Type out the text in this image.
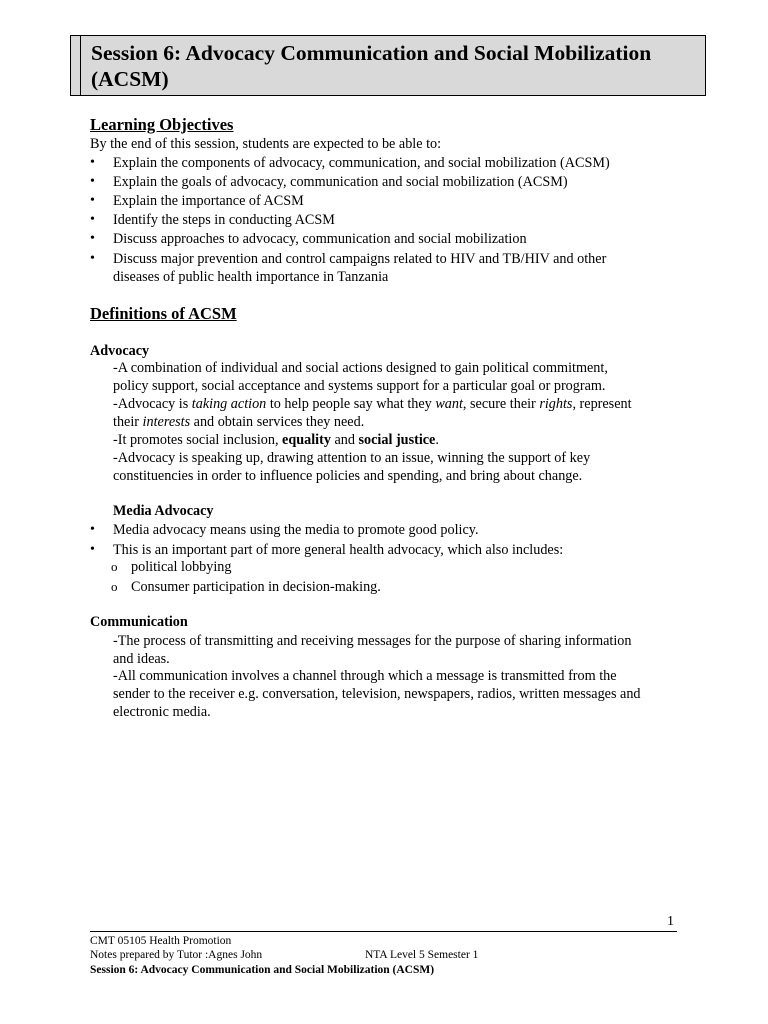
Session 6: Advocacy Communication and Social Mobilization
(ACSM)
Learning Objectives
By the end of this session, students are expected to be able to:
•	Explain the components of advocacy, communication, and social mobilization (ACSM)
•	Explain the goals of advocacy, communication and social mobilization (ACSM)
•	Explain the importance of ACSM
•	Identify the steps in conducting ACSM
•	Discuss approaches to advocacy, communication and social mobilization
•	Discuss major prevention and control campaigns related to HIV and TB/HIV and other
diseases of public health importance in Tanzania
Definitions of ACSM
Advocacy
-A combination of individual and social actions designed to gain political commitment,
policy support, social acceptance and systems support for a particular goal or program.
-Advocacy is taking action to help people say what they want, secure their rights, represent
their interests and obtain services they need.
-It promotes social inclusion, equality and social justice.
-Advocacy is speaking up, drawing attention to an issue, winning the support of key
constituencies in order to influence policies and spending, and bring about change.
Media Advocacy
•	Media advocacy means using the media to promote good policy.
•	This is an important part of more general health advocacy, which also includes:
o political lobbying
o Consumer participation in decision-making.
Communication
-The process of transmitting and receiving messages for the purpose of sharing information
and ideas.
-All communication involves a channel through which a message is transmitted from the
sender to the receiver e.g. conversation, television, newspapers, radios, written messages and
electronic media.
1
CMT 05105 Health Promotion
Notes prepared by Tutor :Agnes John	NTA Level 5 Semester 1
Session 6: Advocacy Communication and Social Mobilization (ACSM)
